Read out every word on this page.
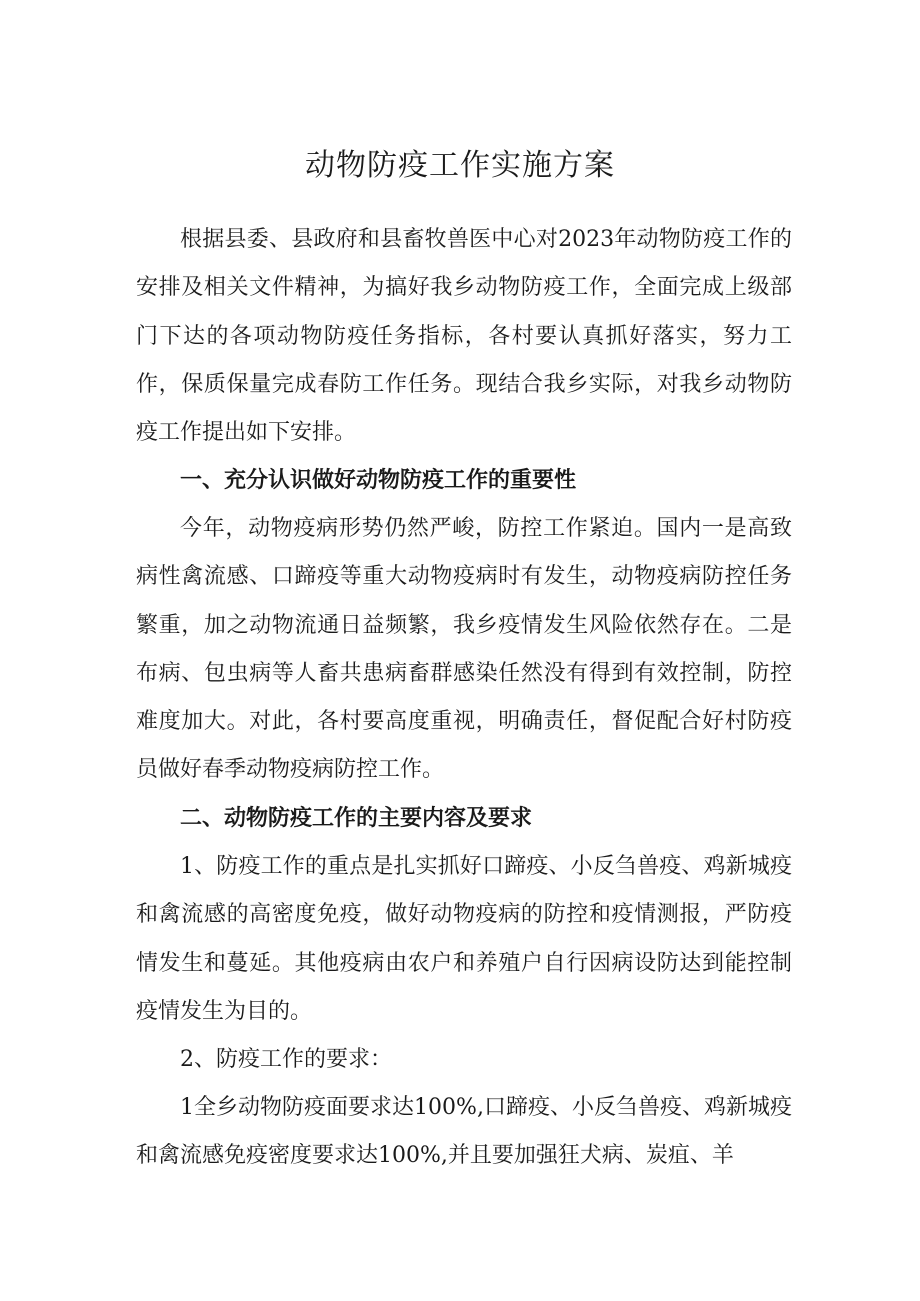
动物防疫工作实施方案

根据县委、县政府和县畜牧兽医中心对2023年动物防疫工作的安排及相关文件精神，为搞好我乡动物防疫工作，全面完成上级部门下达的各项动物防疫任务指标，各村要认真抓好落实，努力工作，保质保量完成春防工作任务。现结合我乡实际，对我乡动物防疫工作提出如下安排。

一、充分认识做好动物防疫工作的重要性

今年，动物疫病形势仍然严峻，防控工作紧迫。国内一是高致病性禽流感、口蹄疫等重大动物疫病时有发生，动物疫病防控任务繁重，加之动物流通日益频繁，我乡疫情发生风险依然存在。二是布病、包虫病等人畜共患病畜群感染任然没有得到有效控制，防控难度加大。对此，各村要高度重视，明确责任，督促配合好村防疫员做好春季动物疫病防控工作。

二、动物防疫工作的主要内容及要求

1、防疫工作的重点是扎实抓好口蹄疫、小反刍兽疫、鸡新城疫和禽流感的高密度免疫，做好动物疫病的防控和疫情测报，严防疫情发生和蔓延。其他疫病由农户和养殖户自行因病设防达到能控制疫情发生为目的。

2、防疫工作的要求：

1全乡动物防疫面要求达100%,口蹄疫、小反刍兽疫、鸡新城疫和禽流感免疫密度要求达100%,并且要加强狂犬病、炭疽、羊
